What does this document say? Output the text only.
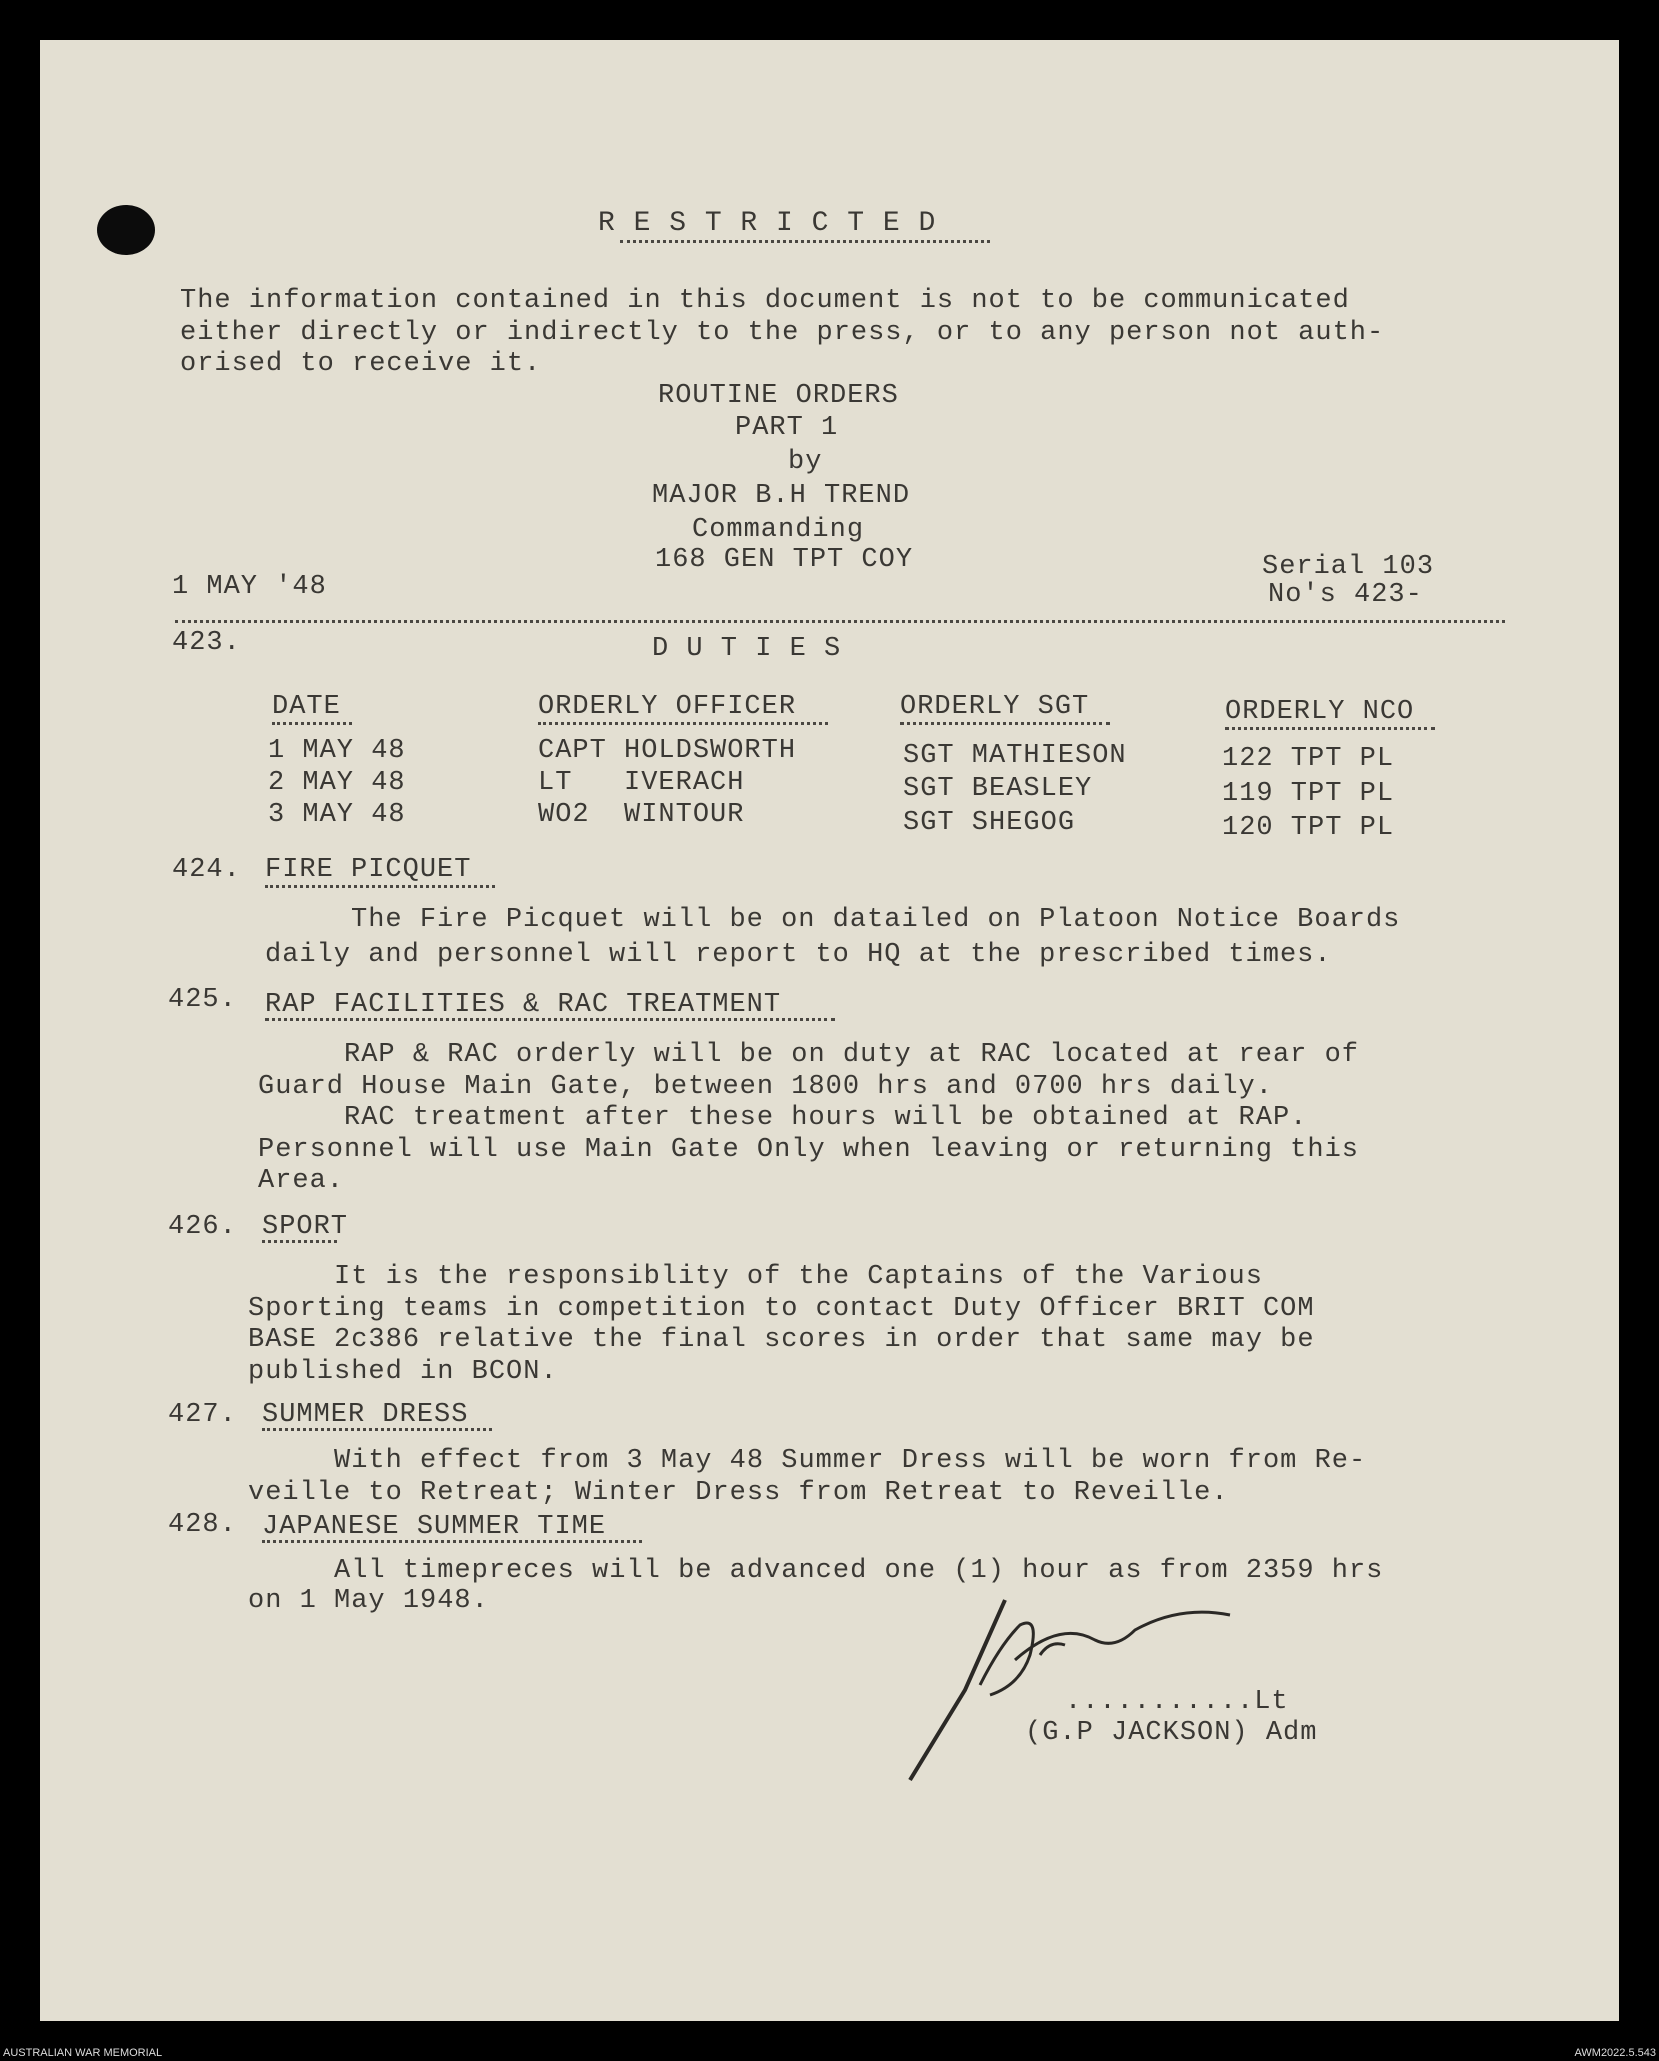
R E S T R I C T E D
The information contained in this document is not to be communicated
either directly or indirectly to the press, or to any person not auth-
orised to receive it.
ROUTINE ORDERS
PART 1
by
MAJOR B.H TREND
Commanding
168 GEN TPT COY
1 MAY '48
Serial 103
No's 423-
423.	D U T I E S
DATE	ORDERLY OFFICER	ORDERLY SGT	ORDERLY NCO
1 MAY 48	CAPT HOLDSWORTH	SGT MATHIESON	122 TPT PL
2 MAY 48	LT   IVERACH	SGT BEASLEY	119 TPT PL
3 MAY 48	WO2  WINTOUR	SGT SHEGOG	120 TPT PL
424. FIRE PICQUET
The Fire Picquet will be on datailed on Platoon Notice Boards
daily and personnel will report to HQ at the prescribed times.
425. RAP FACILITIES & RAC TREATMENT
RAP & RAC orderly will be on duty at RAC located at rear of
Guard House Main Gate, between 1800 hrs and 0700 hrs daily.
RAC treatment after these hours will be obtained at RAP.
Personnel will use Main Gate Only when leaving or returning this
Area.
426. SPORT
It is the responsiblity of the Captains of the Various
Sporting teams in competition to contact Duty Officer BRIT COM
BASE 2c386 relative the final scores in order that same may be
published in BCON.
427. SUMMER DRESS
With effect from 3 May 48 Summer Dress will be worn from Re-
veille to Retreat; Winter Dress from Retreat to Reveille.
428. JAPANESE SUMMER TIME
All timepreces will be advanced one (1) hour as from 2359 hrs
on 1 May 1948.
...........Lt
(G.P JACKSON) Adm
AUSTRALIAN WAR MEMORIAL	AWM2022.5.543
